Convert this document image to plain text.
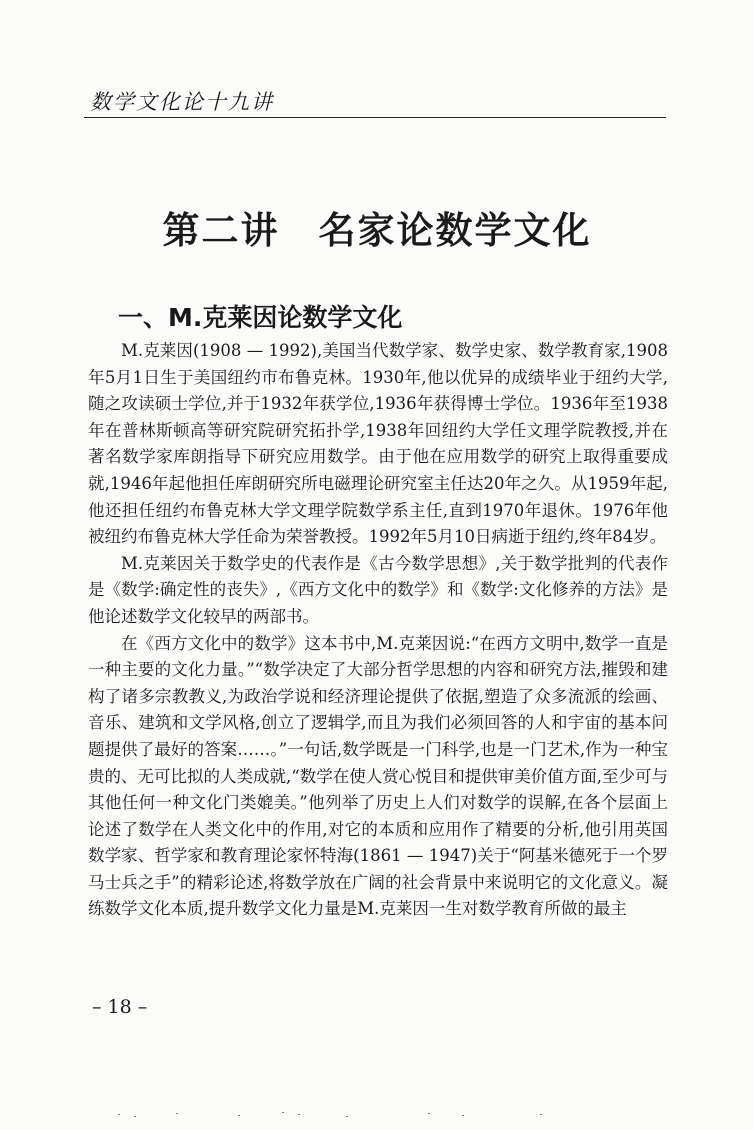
数学文化论十九讲
第二讲　名家论数学文化
一、M.克莱因论数学文化

M.克莱因(1908 — 1992),美国当代数学家、数学史家、数学教育家,1908年5月1日生于美国纽约市布鲁克林。1930年,他以优异的成绩毕业于纽约大学,随之攻读硕士学位,并于1932年获学位,1936年获得博士学位。1936年至1938年在普林斯顿高等研究院研究拓扑学,1938年回纽约大学任文理学院教授,并在著名数学家库朗指导下研究应用数学。由于他在应用数学的研究上取得重要成就,1946年起他担任库朗研究所电磁理论研究室主任达20年之久。从1959年起,他还担任纽约布鲁克林大学文理学院数学系主任,直到1970年退休。1976年他被纽约布鲁克林大学任命为荣誉教授。1992年5月10日病逝于纽约,终年84岁。

M.克莱因关于数学史的代表作是《古今数学思想》,关于数学批判的代表作是《数学:确定性的丧失》,《西方文化中的数学》和《数学:文化修养的方法》是他论述数学文化较早的两部书。

在《西方文化中的数学》这本书中,M.克莱因说:“在西方文明中,数学一直是一种主要的文化力量。”“数学决定了大部分哲学思想的内容和研究方法,摧毁和建构了诸多宗教教义,为政治学说和经济理论提供了依据,塑造了众多流派的绘画、音乐、建筑和文学风格,创立了逻辑学,而且为我们必须回答的人和宇宙的基本问题提供了最好的答案……。”一句话,数学既是一门科学,也是一门艺术,作为一种宝贵的、无可比拟的人类成就,“数学在使人赏心悦目和提供审美价值方面,至少可与其他任何一种文化门类媲美。”他列举了历史上人们对数学的误解,在各个层面上论述了数学在人类文化中的作用,对它的本质和应用作了精要的分析,他引用英国数学家、哲学家和教育理论家怀特海(1861 — 1947)关于“阿基米德死于一个罗马士兵之手”的精彩论述,将数学放在广阔的社会背景中来说明它的文化意义。凝练数学文化本质,提升数学文化力量是M.克莱因一生对数学教育所做的最主

– 18 –
